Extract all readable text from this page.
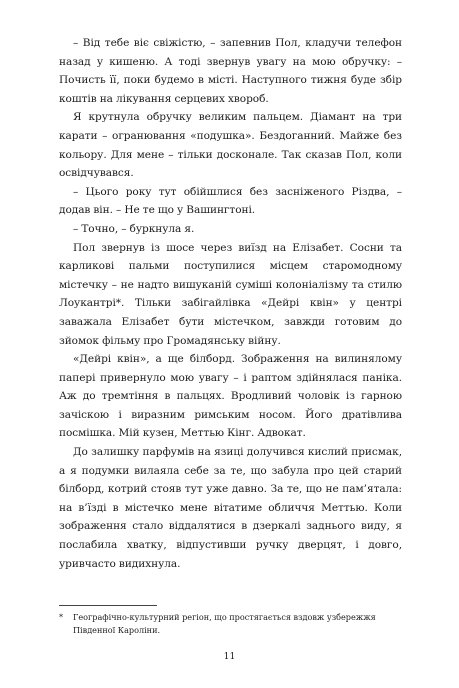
– Від тебе віє свіжістю, – запевнив Пол, кладучи телефон назад у кишеню. А тоді звернув увагу на мою обручку: – Почисть її, поки будемо в місті. Наступного тижня буде збір коштів на лікування серцевих хвороб.

Я крутнула обручку великим пальцем. Діамант на три карати – огранювання «подушка». Бездоганний. Майже без кольору. Для мене – тільки досконале. Так сказав Пол, коли освідчувався.

– Цього року тут обійшлися без засніженого Різдва, – додав він. – Не те що у Вашингтоні.

– Точно, – буркнула я.

Пол звернув із шосе через виїзд на Елізабет. Сосни та карликові пальми поступилися місцем старомодному містечку – не надто вишуканій суміші колоніалізму та стилю Лоукантрі*. Тільки забігайлівка «Дейрі квін» у центрі заважала Елізабет бути містечком, завжди готовим до зйомок фільму про Громадянську війну.

«Дейрі квін», а ще білборд. Зображення на вилинялому папері привернуло мою увагу – і раптом здійнялася паніка. Аж до тремтіння в пальцях. Вродливий чоловік із гарною зачіскою і виразним римським носом. Його дратівлива посмішка. Мій кузен, Меттью Кінг. Адвокат.

До залишку парфумів на язиці долучився кислий присмак, а я подумки вилаяла себе за те, що забула про цей старий білборд, котрий стояв тут уже давно. За те, що не пам’ятала: на в’їзді в містечко мене вітатиме обличчя Меттью. Коли зображення стало віддалятися в дзеркалі заднього виду, я послабила хватку, відпустивши ручку дверцят, і довго, уривчасто видихнула.

*	Географічно-культурний регіон, що простягається вздовж узбережжя Південної Кароліни.
11
